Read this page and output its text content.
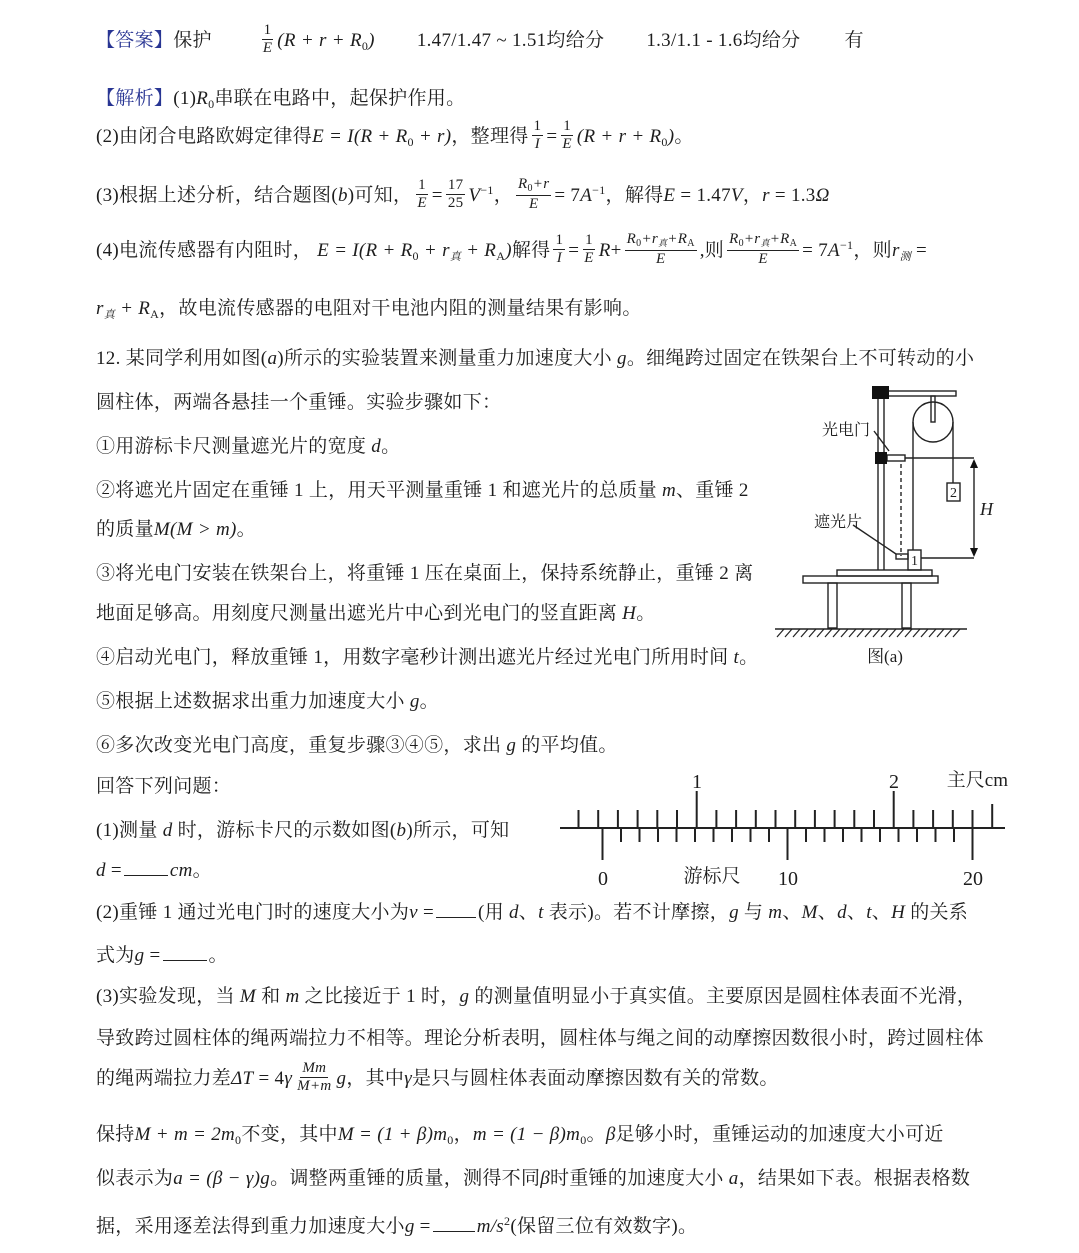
【答案】保护	$\frac{1}{E} (R + r + R_0)$ 1.47/1.47 ~ 1.51均给分 1.3/1.1 - 1.6均给分 有
【解析】$(1)R_0$串联在电路中，起保护作用。
(2)由闭合电路欧姆定律得$E = I(R + R_0 + r)$，整理得 $\frac{1}{I} = \frac{1}{E} (R + r + R_0)$。
(3)根据上述分析，结合题图(b)可知， $\frac{1}{E} = \frac{17}{25} V^{-1}$， $\frac{R_0+r}{E} = 7A^{-1}$，解得E = 1.47V，r = 1.3Ω
(4)电流传感器有内阻时， $E = I(R + R_0 + r_真 + R_A)$解得 $\frac{1}{I} = \frac{1}{E} R+ \frac{R_0+r_真+R_A}{E}$ ,则 $\frac{R_0+r_真+R_A}{E} = 7A^{-1}$，则$r_测$ =
$r_真 + R_A$，故电流传感器的电阻对干电池内阻的测量结果有影响。
12. 某同学利用如图(a)所示的实验装置来测量重力加速度大小 g。细绳跨过固定在铁架台上不可转动的小
圆柱体，两端各悬挂一个重锤。实验步骤如下：
①用游标卡尺测量遮光片的宽度 d。
②将遮光片固定在重锤 1 上，用天平测量重锤 1 和遮光片的总质量 m、重锤 2
的质量M(M > m)。
③将光电门安装在铁架台上，将重锤 1 压在桌面上，保持系统静止，重锤 2 离
地面足够高。用刻度尺测量出遮光片中心到光电门的竖直距离 H。
④启动光电门，释放重锤 1，用数字毫秒计测出遮光片经过光电门所用时间 t。
⑤根据上述数据求出重力加速度大小 g。
⑥多次改变光电门高度，重复步骤③④⑤，求出 g 的平均值。
回答下列问题：
(1)测量 d 时，游标卡尺的示数如图(b)所示，可知
d =	cm。
(2)重锤 1 通过光电门时的速度大小为v = (用 d、t 表示)。若不计摩擦，g 与 m、M、d、t、H 的关系
式为g =	。
(3)实验发现，当 M 和 m 之比接近于 1 时，g 的测量值明显小于真实值。主要原因是圆柱体表面不光滑，
导致跨过圆柱体的绳两端拉力不相等。理论分析表明，圆柱体与绳之间的动摩擦因数很小时，跨过圆柱体
的绳两端拉力差$\Delta T = 4\gamma \frac{Mm}{M+m}$ g，其中γ是只与圆柱体表面动摩擦因数有关的常数。
保持$M + m = 2m_0$不变，其中$M = (1 + \beta)m_0$，$m = (1 - \beta)m_0$。β足够小时，重锤运动的加速度大小可近
似表示为a = (β − γ)g。调整两重锤的质量，测得不同β时重锤的加速度大小 a，结果如下表。根据表格数
据，采用逐差法得到重力加速度大小$g = m/s^2$(保留三位有效数字)。
光电门
遮光片
2
1
H
图(a)
1	2	主尺cm
0	游标尺 10	20
